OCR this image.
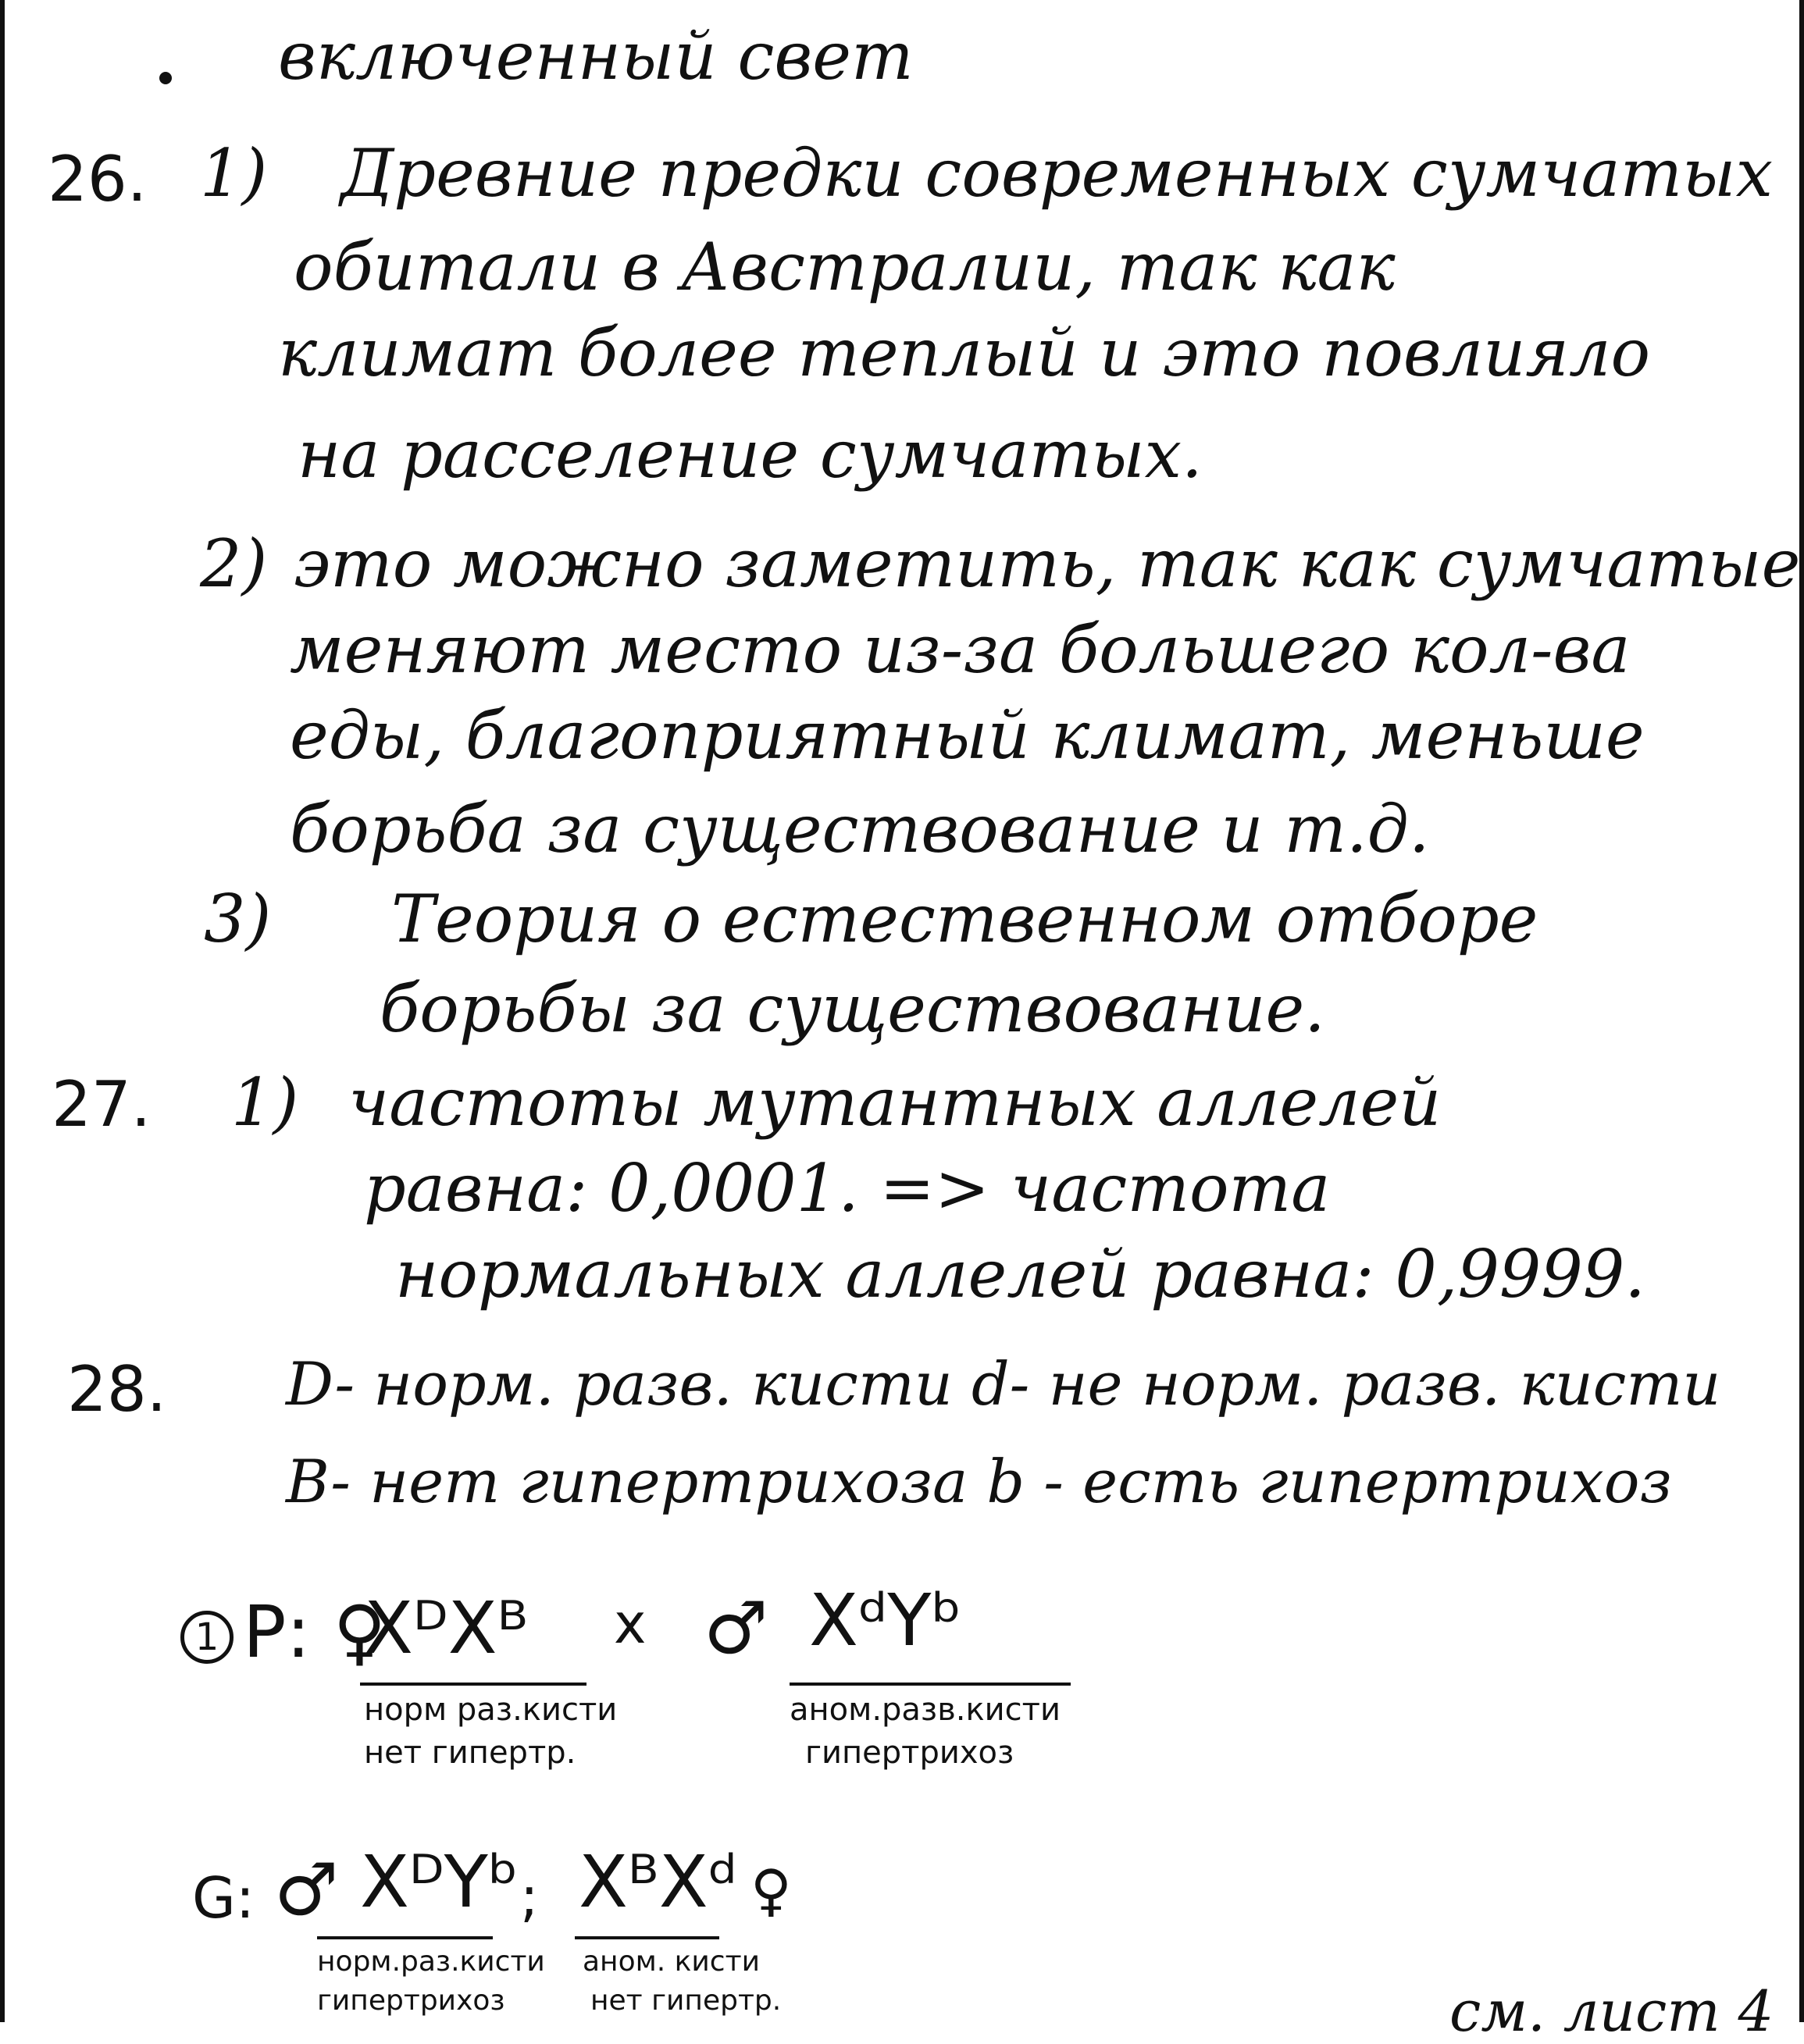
включенный свет
26. 1) Древние предки современных сумчатых
обитали в Австралии, так как
климат более теплый и это повлияло
на расселение сумчатых.
2) это можно заметить, так как сумчатые
меняют место из-за большего кол-ва
еды, благоприятный климат, меньше
борьба за существование и т.д.
3) Теория о естественном отборе
борьбы за существование.
27. 1) частоты мутантных аллелей
равна: 0,0001. => частота
нормальных аллелей равна: 0,9999.
28. D- норм. разв. кисти d- не норм. разв. кисти
B- нет гипертрихоза b - есть гипертрихоз
1 P: ♀
XᴰXᴮ
норм раз.кисти
нет гипертр.
x ♂ XᵈYᵇ
аном.разв.кисти
гипертрихоз
G: ♂ XᴰYᵇ ; XᴮXᵈ ♀
норм.раз.кисти
гипертрихоз
аном. кисти
нет гипертр.	см. лист 4
